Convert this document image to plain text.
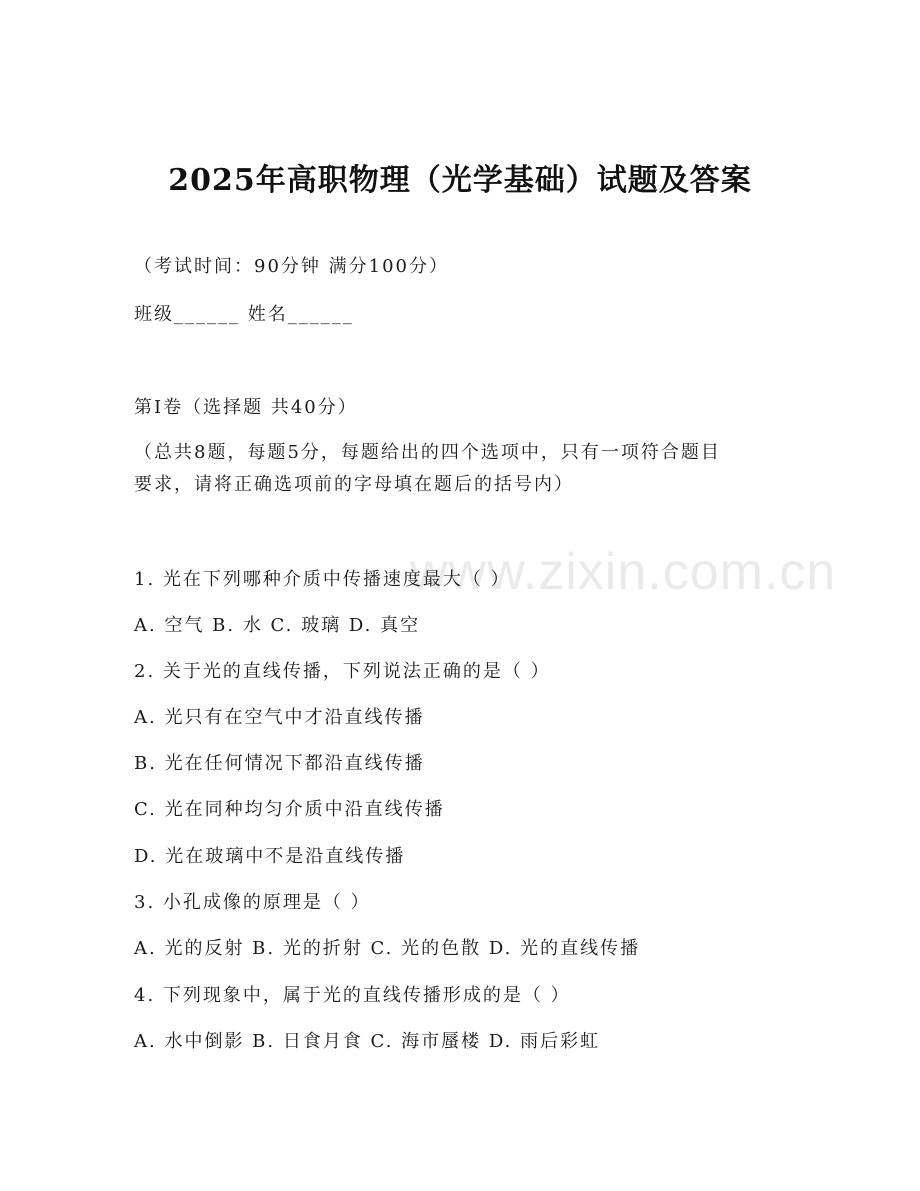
www.zixin.com.cn
2025年高职物理（光学基础）试题及答案
（考试时间：90分钟 满分100分）
班级______ 姓名______
第Ⅰ卷（选择题 共40分）
（总共8题，每题5分，每题给出的四个选项中，只有一项符合题目
要求，请将正确选项前的字母填在题后的括号内）
1. 光在下列哪种介质中传播速度最大（ ）
A. 空气 B. 水 C. 玻璃 D. 真空
2. 关于光的直线传播，下列说法正确的是（ ）
A. 光只有在空气中才沿直线传播
B. 光在任何情况下都沿直线传播
C. 光在同种均匀介质中沿直线传播
D. 光在玻璃中不是沿直线传播
3. 小孔成像的原理是（ ）
A. 光的反射 B. 光的折射 C. 光的色散 D. 光的直线传播
4. 下列现象中，属于光的直线传播形成的是（ ）
A. 水中倒影 B. 日食月食 C. 海市蜃楼 D. 雨后彩虹
